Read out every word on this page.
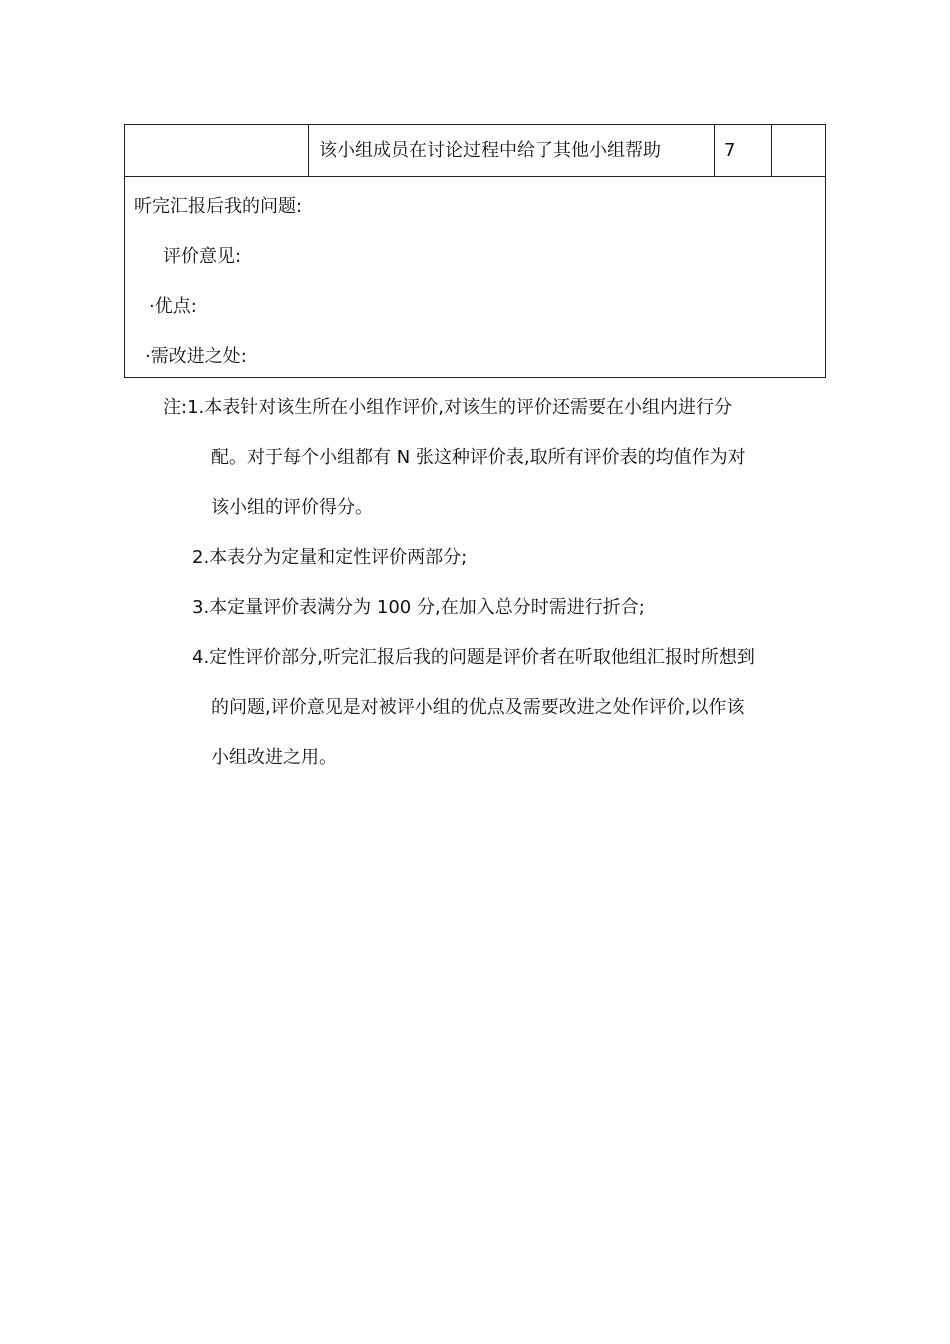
该小组成员在讨论过程中给了其他小组帮助	7
听完汇报后我的问题:
评价意见:
·优点:
·需改进之处:
注:1.本表针对该生所在小组作评价,对该生的评价还需要在小组内进行分
配。对于每个小组都有 N 张这种评价表,取所有评价表的均值作为对
该小组的评价得分。
2.本表分为定量和定性评价两部分;
3.本定量评价表满分为 100 分,在加入总分时需进行折合;
4.定性评价部分,听完汇报后我的问题是评价者在听取他组汇报时所想到
的问题,评价意见是对被评小组的优点及需要改进之处作评价,以作该
小组改进之用。
